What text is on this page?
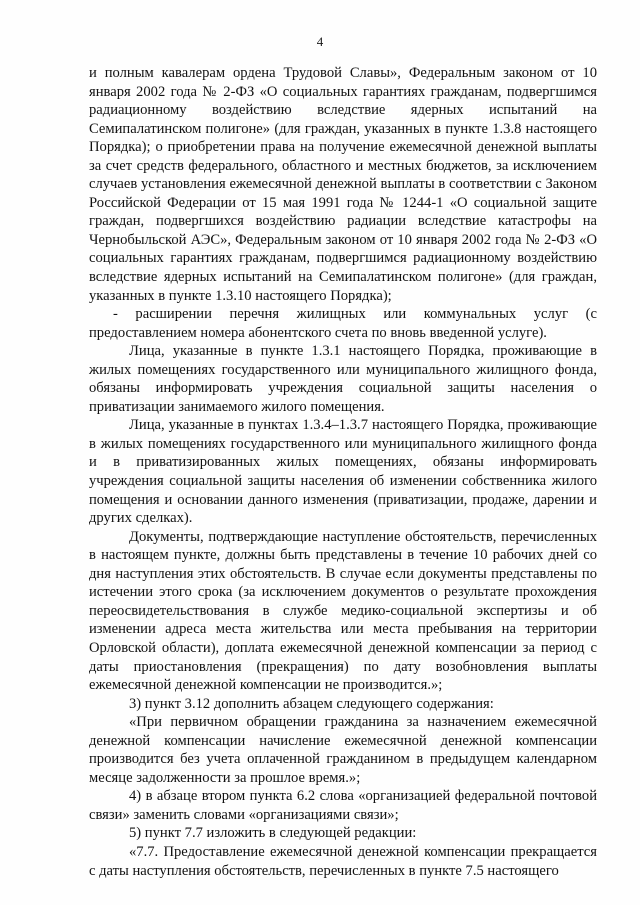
4

и полным кавалерам ордена Трудовой Славы», Федеральным законом от 10 января 2002 года № 2-ФЗ «О социальных гарантиях гражданам, подвергшимся радиационному воздействию вследствие ядерных испытаний на Семипалатинском полигоне» (для граждан, указанных в пункте 1.3.8 настоящего Порядка); о приобретении права на получение ежемесячной денежной выплаты за счет средств федерального, областного и местных бюджетов, за исключением случаев установления ежемесячной денежной выплаты в соответствии с Законом Российской Федерации от 15 мая 1991 года № 1244-1 «О социальной защите граждан, подвергшихся воздействию радиации вследствие катастрофы на Чернобыльской АЭС», Федеральным законом от 10 января 2002 года № 2-ФЗ «О социальных гарантиях гражданам, подвергшимся радиационному воздействию вследствие ядерных испытаний на Семипалатинском полигоне» (для граждан, указанных в пункте 1.3.10 настоящего Порядка);

- расширении перечня жилищных или коммунальных услуг (с предоставлением номера абонентского счета по вновь введенной услуге).

Лица, указанные в пункте 1.3.1 настоящего Порядка, проживающие в жилых помещениях государственного или муниципального жилищного фонда, обязаны информировать учреждения социальной защиты населения о приватизации занимаемого жилого помещения.

Лица, указанные в пунктах 1.3.4–1.3.7 настоящего Порядка, проживающие в жилых помещениях государственного или муниципального жилищного фонда и в приватизированных жилых помещениях, обязаны информировать учреждения социальной защиты населения об изменении собственника жилого помещения и основании данного изменения (приватизации, продаже, дарении и других сделках).

Документы, подтверждающие наступление обстоятельств, перечисленных в настоящем пункте, должны быть представлены в течение 10 рабочих дней со дня наступления этих обстоятельств. В случае если документы представлены по истечении этого срока (за исключением документов о результате прохождения переосвидетельствования в службе медико-социальной экспертизы и об изменении адреса места жительства или места пребывания на территории Орловской области), доплата ежемесячной денежной компенсации за период с даты приостановления (прекращения) по дату возобновления выплаты ежемесячной денежной компенсации не производится.»;

3) пункт 3.12 дополнить абзацем следующего содержания:

«При первичном обращении гражданина за назначением ежемесячной денежной компенсации начисление ежемесячной денежной компенсации производится без учета оплаченной гражданином в предыдущем календарном месяце задолженности за прошлое время.»;

4) в абзаце втором пункта 6.2 слова «организацией федеральной почтовой связи» заменить словами «организациями связи»;

5) пункт 7.7 изложить в следующей редакции:

«7.7. Предоставление ежемесячной денежной компенсации прекращается с даты наступления обстоятельств, перечисленных в пункте 7.5 настоящего
